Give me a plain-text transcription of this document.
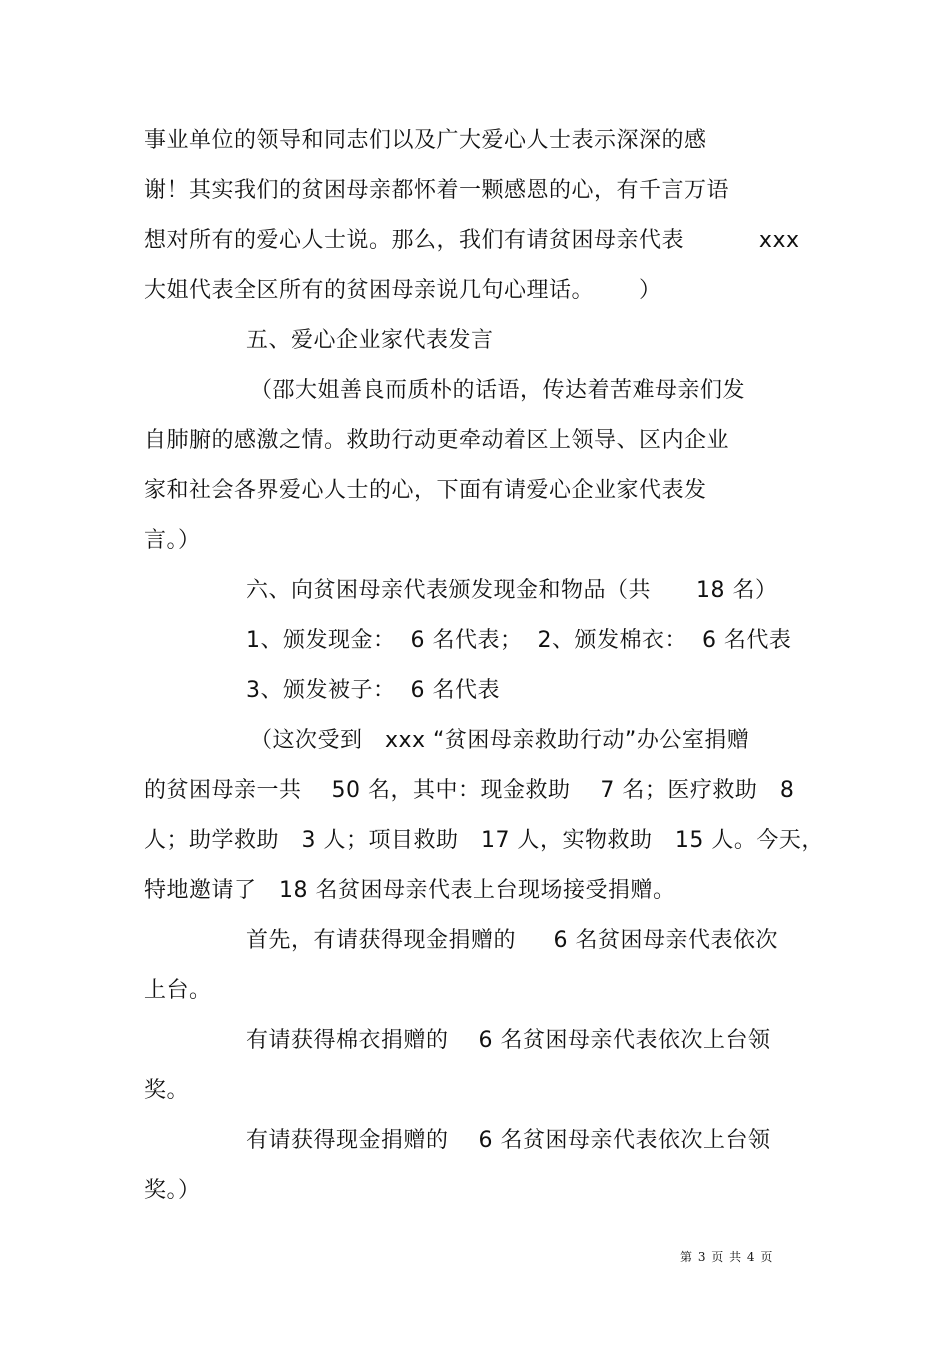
事业单位的领导和同志们以及广大爱心人士表示深深的感
谢！其实我们的贫困母亲都怀着一颗感恩的心，有千言万语
想对所有的爱心人士说。那么，我们有请贫困母亲代表          xxx
大姐代表全区所有的贫困母亲说几句心理话。      ）
五、爱心企业家代表发言
（邵大姐善良而质朴的话语，传达着苦难母亲们发
自肺腑的感激之情。救助行动更牵动着区上领导、区内企业
家和社会各界爱心人士的心，下面有请爱心企业家代表发
言。）
六、向贫困母亲代表颁发现金和物品（共      18 名）
1、颁发现金：  6 名代表；  2、颁发棉衣：  6 名代表
3、颁发被子：  6 名代表
（这次受到   xxx “贫困母亲救助行动”办公室捐赠
的贫困母亲一共    50 名，其中：现金救助    7 名；医疗救助   8
人；助学救助   3 人；项目救助   17 人，实物救助   15 人。今天，
特地邀请了   18 名贫困母亲代表上台现场接受捐赠。
首先，有请获得现金捐赠的     6 名贫困母亲代表依次
上台。
有请获得棉衣捐赠的    6 名贫困母亲代表依次上台领
奖。
有请获得现金捐赠的    6 名贫困母亲代表依次上台领
奖。）
第 3 页 共 4 页
